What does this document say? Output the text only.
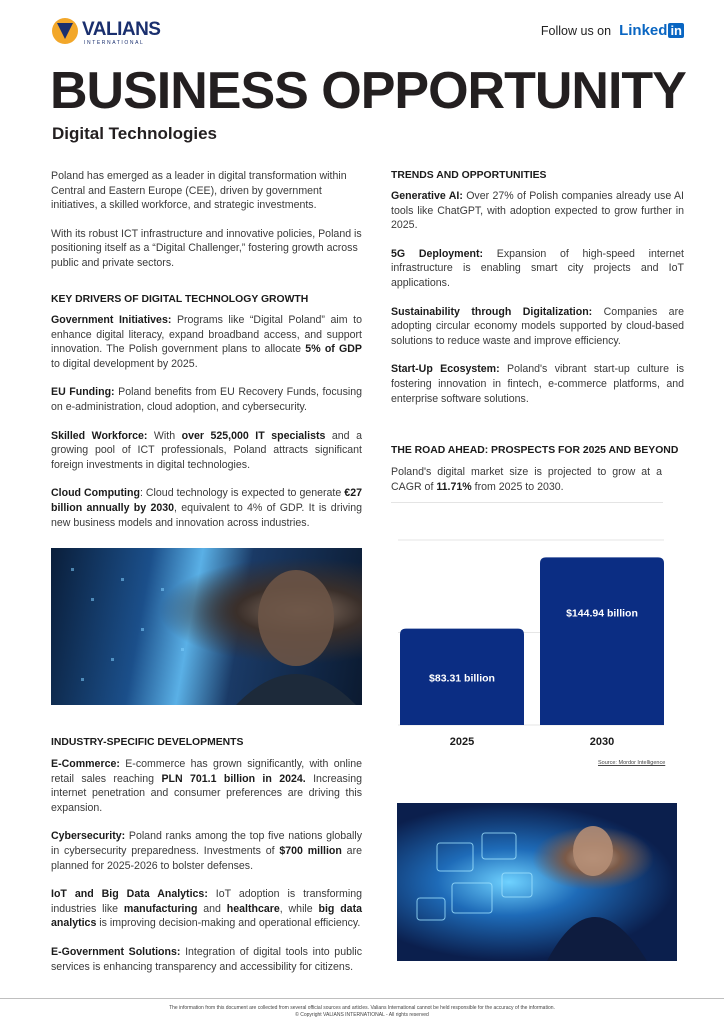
VALIANS
INTERNATIONAL
Follow us on Linked in
BUSINESS OPPORTUNITY
Digital Technologies

Poland has emerged as a leader in digital transformation within Central and Eastern Europe (CEE), driven by government initiatives, a skilled workforce, and strategic investments.

With its robust ICT infrastructure and innovative policies, Poland is positioning itself as a “Digital Challenger,” fostering growth across public and private sectors.

KEY DRIVERS OF DIGITAL TECHNOLOGY GROWTH

Government Initiatives: Programs like “Digital Poland” aim to enhance digital literacy, expand broadband access, and support innovation. The Polish government plans to allocate 5% of GDP to digital development by 2025.

EU Funding: Poland benefits from EU Recovery Funds, focusing on e-administration, cloud adoption, and cybersecurity.

Skilled Workforce: With over 525,000 IT specialists and a growing pool of ICT professionals, Poland attracts significant foreign investments in digital technologies.

Cloud Computing: Cloud technology is expected to generate €27 billion annually by 2030, equivalent to 4% of GDP. It is driving new business models and innovation across industries.

INDUSTRY-SPECIFIC DEVELOPMENTS

E-Commerce: E-commerce has grown significantly, with online retail sales reaching PLN 701.1 billion in 2024. Increasing internet penetration and consumer preferences are driving this expansion.

Cybersecurity: Poland ranks among the top five nations globally in cybersecurity preparedness. Investments of $700 million are planned for 2025-2026 to bolster defenses.

IoT and Big Data Analytics: IoT adoption is transforming industries like manufacturing and healthcare, while big data analytics is improving decision-making and operational efficiency.

E-Government Solutions: Integration of digital tools into public services is enhancing transparency and accessibility for citizens.

TRENDS AND OPPORTUNITIES

Generative AI: Over 27% of Polish companies already use AI tools like ChatGPT, with adoption expected to grow further in 2025.

5G Deployment: Expansion of high-speed internet infrastructure is enabling smart city projects and IoT applications.

Sustainability through Digitalization: Companies are adopting circular economy models supported by cloud-based solutions to reduce waste and improve efficiency.

Start-Up Ecosystem: Poland's vibrant start-up culture is fostering innovation in fintech, e-commerce platforms, and enterprise software solutions.

THE ROAD AHEAD: PROSPECTS FOR 2025 AND BEYOND

Poland's digital market size is projected to grow at a CAGR of 11.71% from 2025 to 2030.

$83.31 billion
2025
$144.94 billion
2030
Source: Mordor Intelligence
The information from this document are collected from several official sources and articles. Valians International cannot be held responsible for the accuracy of the information.
© Copyright VALIANS INTERNATIONAL - All rights reserved
